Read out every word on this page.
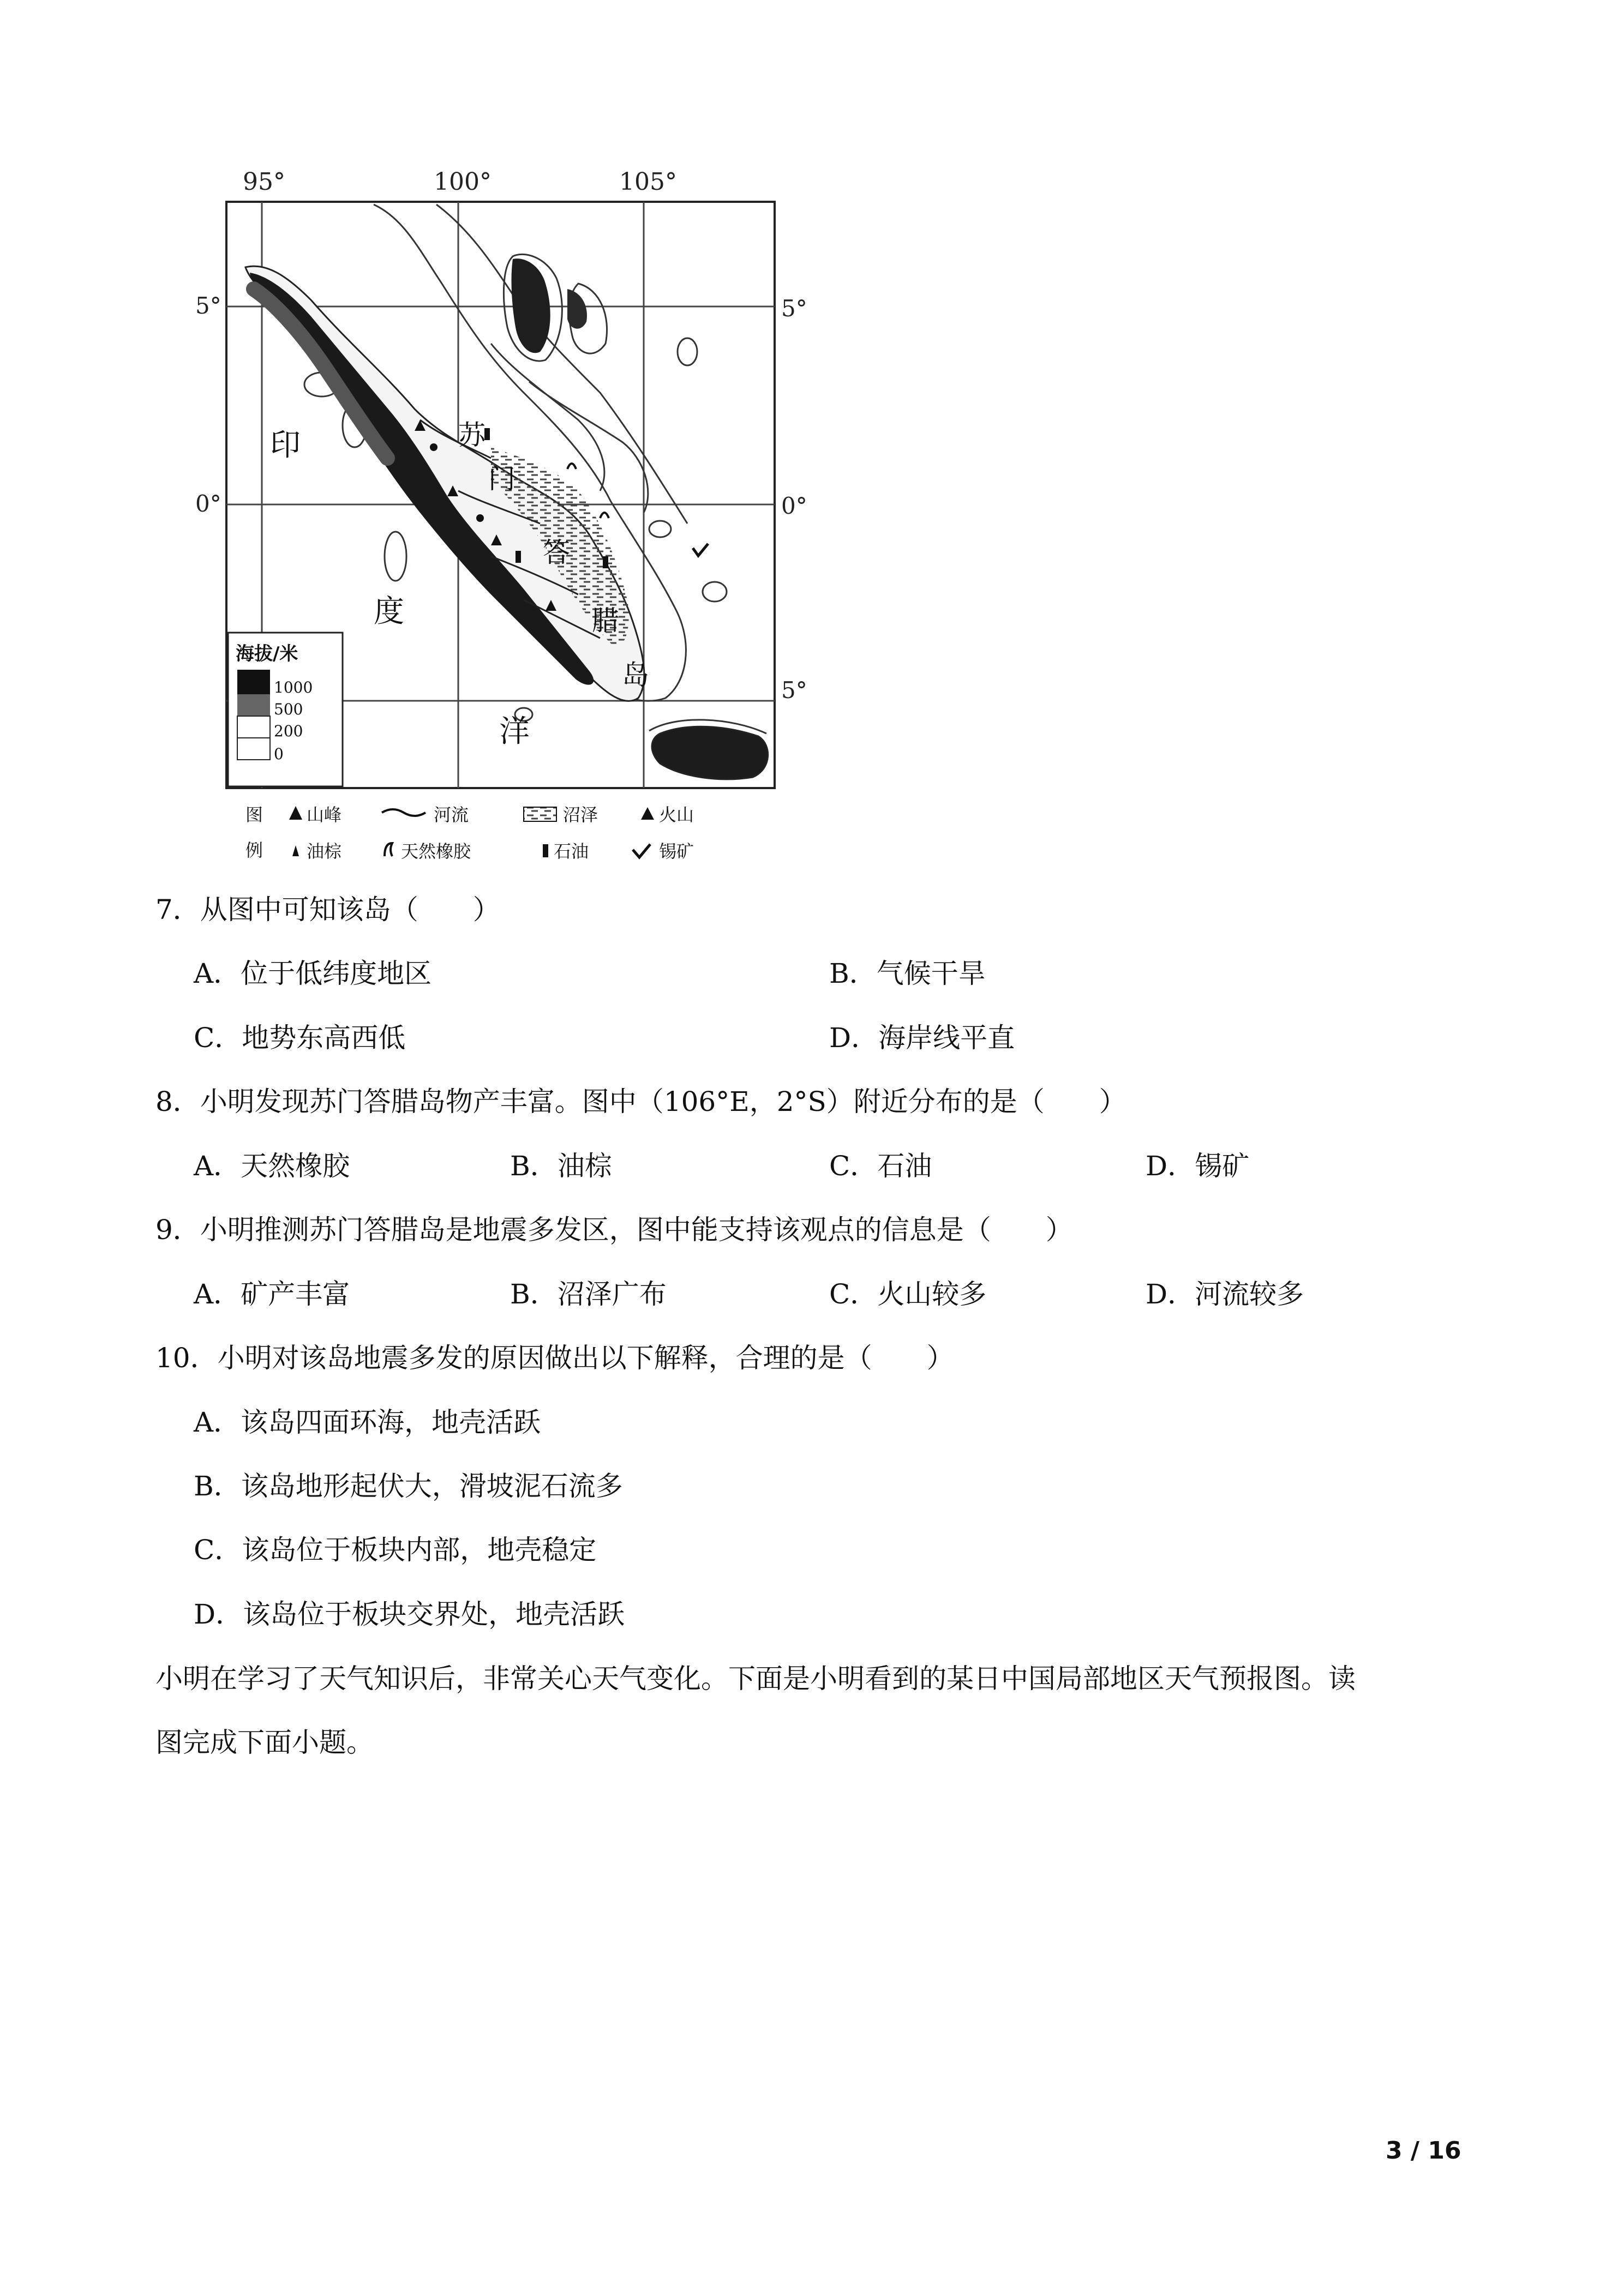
95°	100°	105°
5°
0°
5°
0°
5°
印
度
洋
苏
门
答
腊
岛
海拔/米
1000
500
200
0
图
例
山峰	河流	沼泽	火山
油棕	天然橡胶	石油	锡矿
7．从图中可知该岛（　　）
A．位于低纬度地区	B．气候干旱
C．地势东高西低	D．海岸线平直
8．小明发现苏门答腊岛物产丰富。图中（106°E，2°S）附近分布的是（　　）
A．天然橡胶	B．油棕	C．石油	D．锡矿
9．小明推测苏门答腊岛是地震多发区，图中能支持该观点的信息是（　　）
A．矿产丰富	B．沼泽广布	C．火山较多	D．河流较多
10．小明对该岛地震多发的原因做出以下解释，合理的是（　　）
A．该岛四面环海，地壳活跃
B．该岛地形起伏大，滑坡泥石流多
C．该岛位于板块内部，地壳稳定
D．该岛位于板块交界处，地壳活跃
小明在学习了天气知识后，非常关心天气变化。下面是小明看到的某日中国局部地区天气预报图。读
图完成下面小题。
3 / 16
